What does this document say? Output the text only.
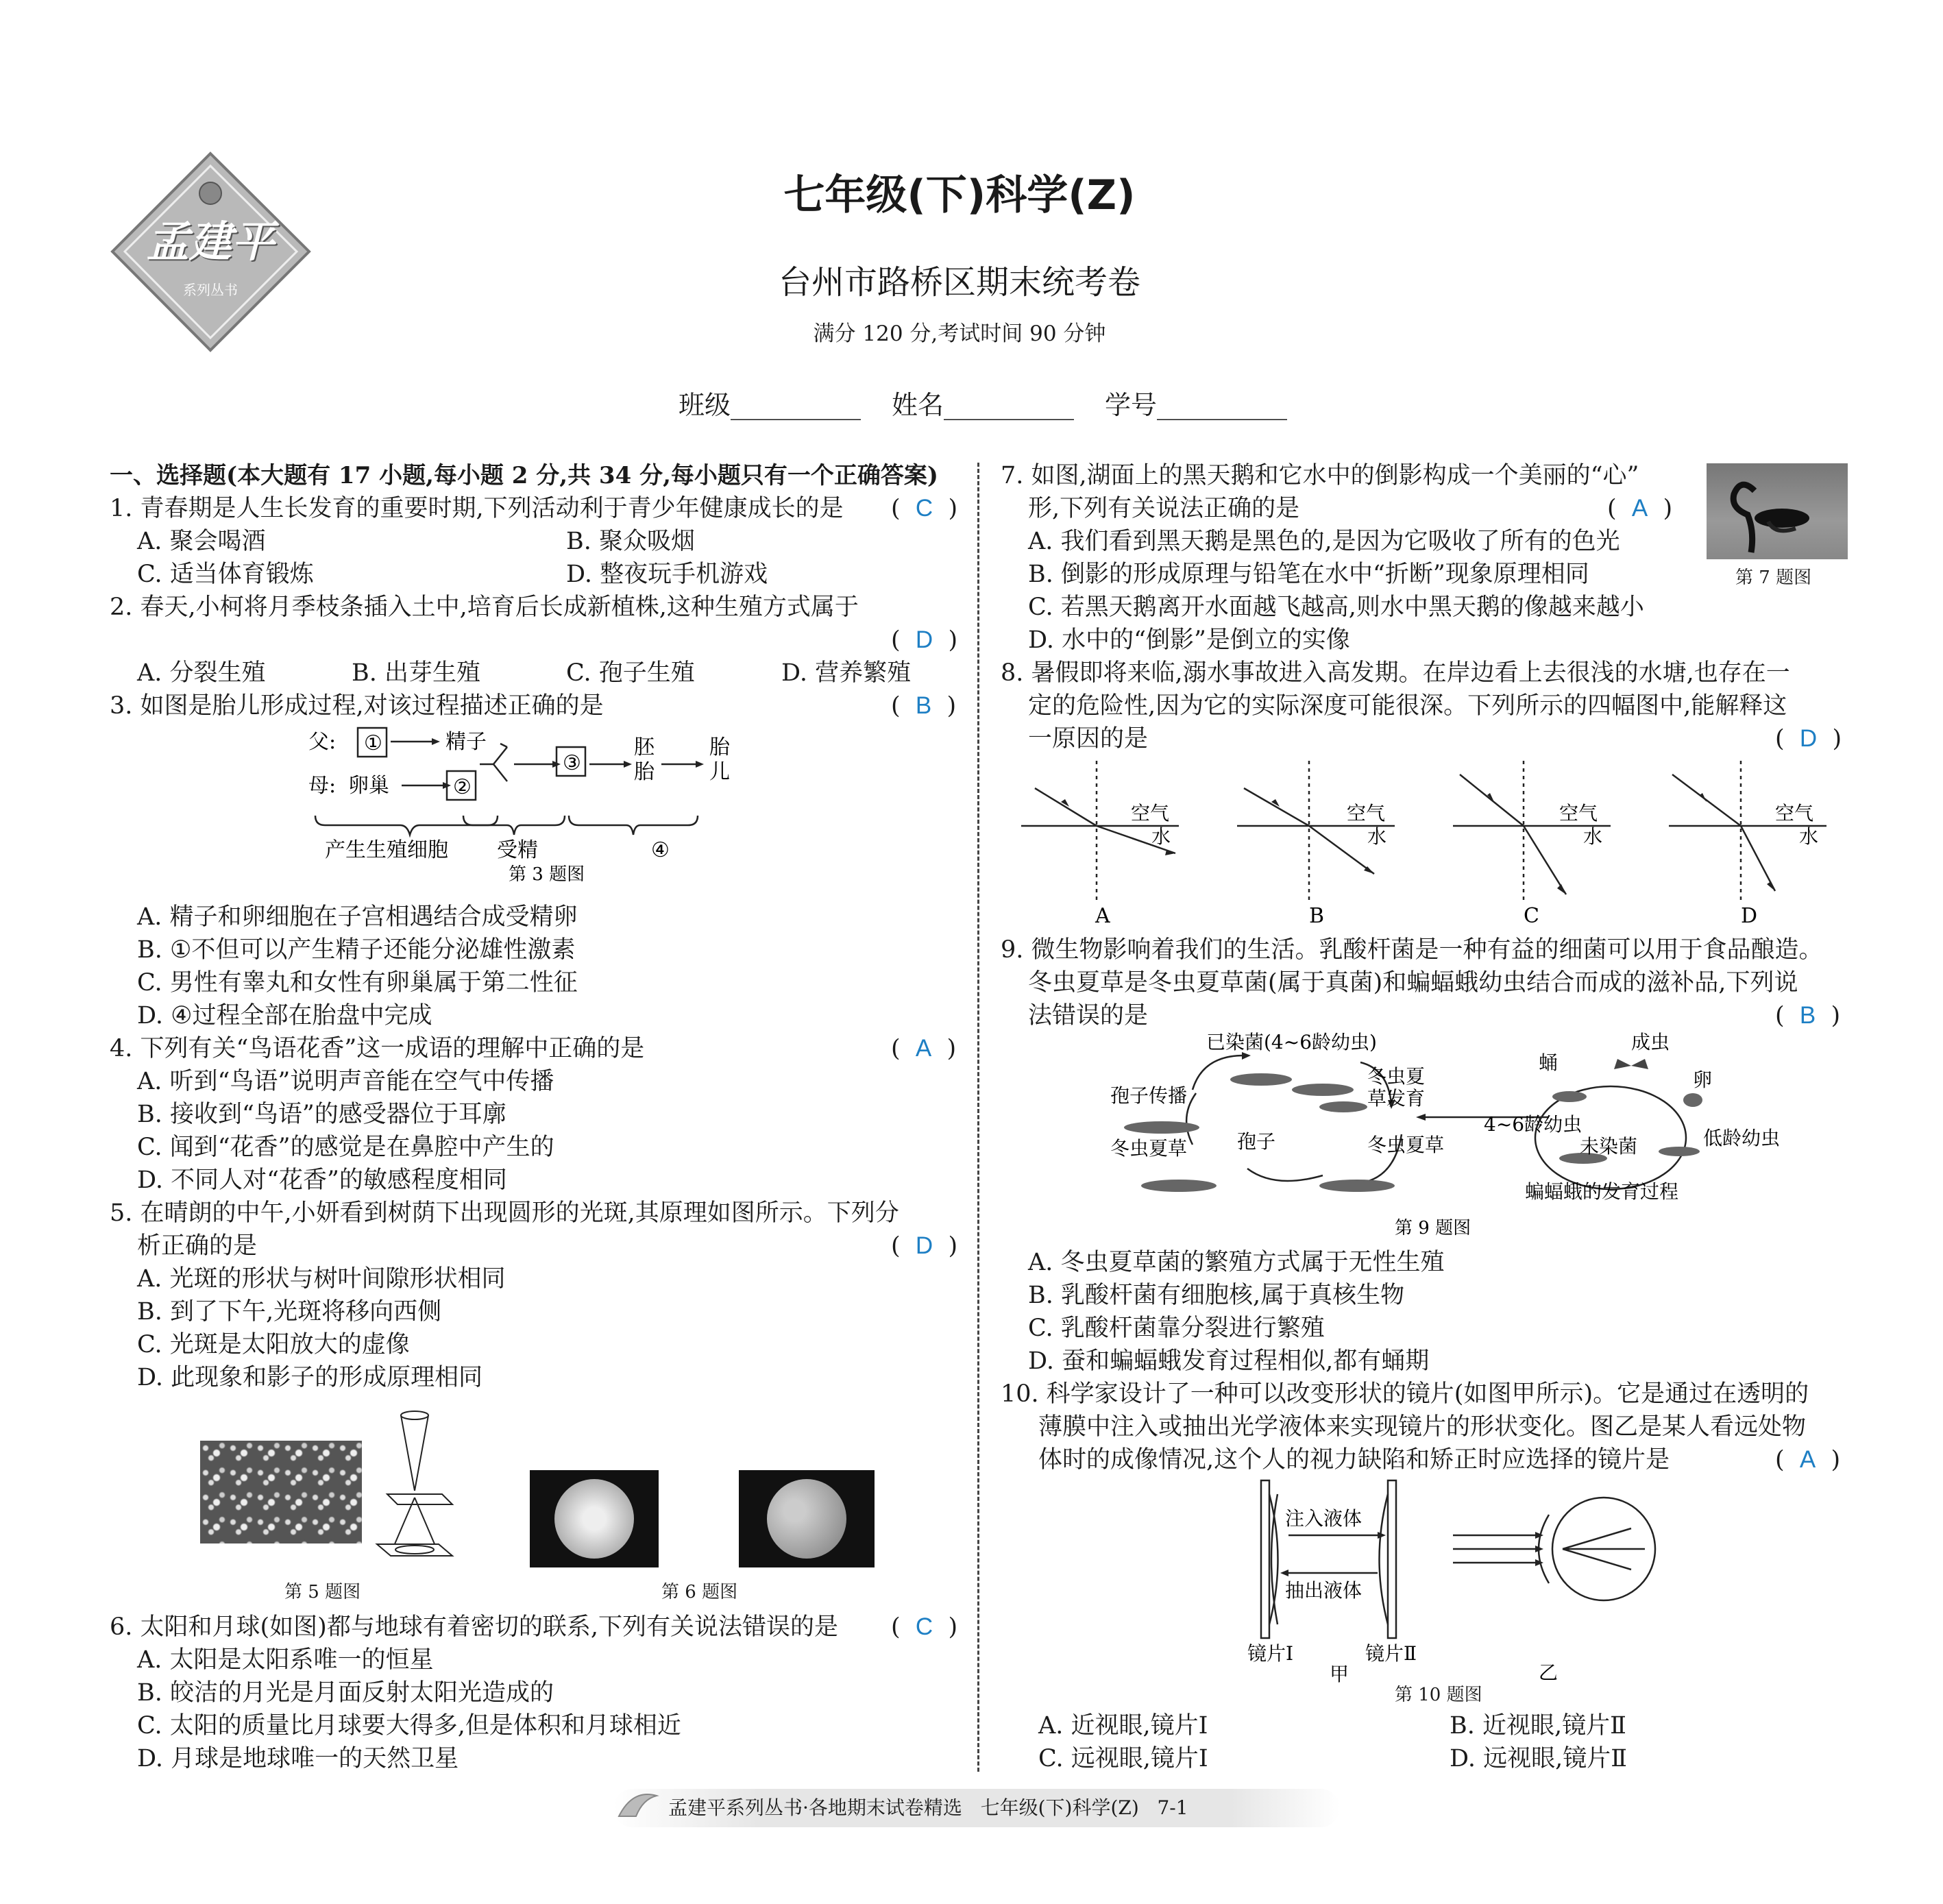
孟建平
系列丛书
七年级(下)科学(Z)
台州市路桥区期末统考卷
满分 120 分,考试时间 90 分钟
班级__________ 姓名__________ 学号__________
一、选择题(本大题有 17 小题,每小题 2 分,共 34 分,每小题只有一个正确答案)
1. 青春期是人生长发育的重要时期,下列活动利于青少年健康成长的是 (  C  )
A. 聚会喝酒	B. 聚众吸烟
C. 适当体育锻炼	D. 整夜玩手机游戏
2. 春天,小柯将月季枝条插入土中,培育后长成新植株,这种生殖方式属于
(  D  )
A. 分裂生殖	B. 出芽生殖	C. 孢子生殖	D. 营养繁殖
3. 如图是胎儿形成过程,对该过程描述正确的是	(  B  )
父: ①	精子
母: 卵巢	②
③
胚
胎
胎
儿
产生生殖细胞 受精	④
第 3 题图
A. 精子和卵细胞在子宫相遇结合成受精卵
B. ①不但可以产生精子还能分泌雄性激素
C. 男性有睾丸和女性有卵巢属于第二性征
D. ④过程全部在胎盘中完成
4. 下列有关“鸟语花香”这一成语的理解中正确的是	(  A  )
A. 听到“鸟语”说明声音能在空气中传播
B. 接收到“鸟语”的感受器位于耳廓
C. 闻到“花香”的感觉是在鼻腔中产生的
D. 不同人对“花香”的敏感程度相同
5. 在晴朗的中午,小妍看到树荫下出现圆形的光斑,其原理如图所示。下列分
析正确的是	(  D  )
A. 光斑的形状与树叶间隙形状相同
B. 到了下午,光斑将移向西侧
C. 光斑是太阳放大的虚像
D. 此现象和影子的形成原理相同
第 5 题图	第 6 题图
6. 太阳和月球(如图)都与地球有着密切的联系,下列有关说法错误的是 (  C  )
A. 太阳是太阳系唯一的恒星
B. 皎洁的月光是月面反射太阳光造成的
C. 太阳的质量比月球要大得多,但是体积和月球相近
D. 月球是地球唯一的天然卫星
7. 如图,湖面上的黑天鹅和它水中的倒影构成一个美丽的“心”
形,下列有关说法正确的是	(  A  )
第 7 题图
A. 我们看到黑天鹅是黑色的,是因为它吸收了所有的色光
B. 倒影的形成原理与铅笔在水中“折断”现象原理相同
C. 若黑天鹅离开水面越飞越高,则水中黑天鹅的像越来越小
D. 水中的“倒影”是倒立的实像
8. 暑假即将来临,溺水事故进入高发期。在岸边看上去很浅的水塘,也存在一
定的危险性,因为它的实际深度可能很深。下列所示的四幅图中,能解释这
一原因的是	(  D  )
空气
水
空气
水
空气
水
空气
水
A	B	C	D
9. 微生物影响着我们的生活。乳酸杆菌是一种有益的细菌可以用于食品酿造。
冬虫夏草是冬虫夏草菌(属于真菌)和蝙蝠蛾幼虫结合而成的滋补品,下列说
法错误的是	(  B  )
已染菌(4~6龄幼虫)
孢子传播
冬虫夏
草发育
冬虫夏草	孢子	冬虫夏草
蛹
成虫
卵
4~6龄幼虫
未染菌	低龄幼虫
蝙蝠蛾的发育过程
第 9 题图
A. 冬虫夏草菌的繁殖方式属于无性生殖
B. 乳酸杆菌有细胞核,属于真核生物
C. 乳酸杆菌靠分裂进行繁殖
D. 蚕和蝙蝠蛾发育过程相似,都有蛹期
10. 科学家设计了一种可以改变形状的镜片(如图甲所示)。它是通过在透明的
薄膜中注入或抽出光学液体来实现镜片的形状变化。图乙是某人看远处物
体时的成像情况,这个人的视力缺陷和矫正时应选择的镜片是	(  A  )
注入液体
抽出液体
镜片Ⅰ	镜片Ⅱ
甲	乙
第 10 题图
A. 近视眼,镜片Ⅰ	B. 近视眼,镜片Ⅱ
C. 远视眼,镜片Ⅰ	D. 远视眼,镜片Ⅱ
孟建平系列丛书·各地期末试卷精选   七年级(下)科学(Z)   7-1
